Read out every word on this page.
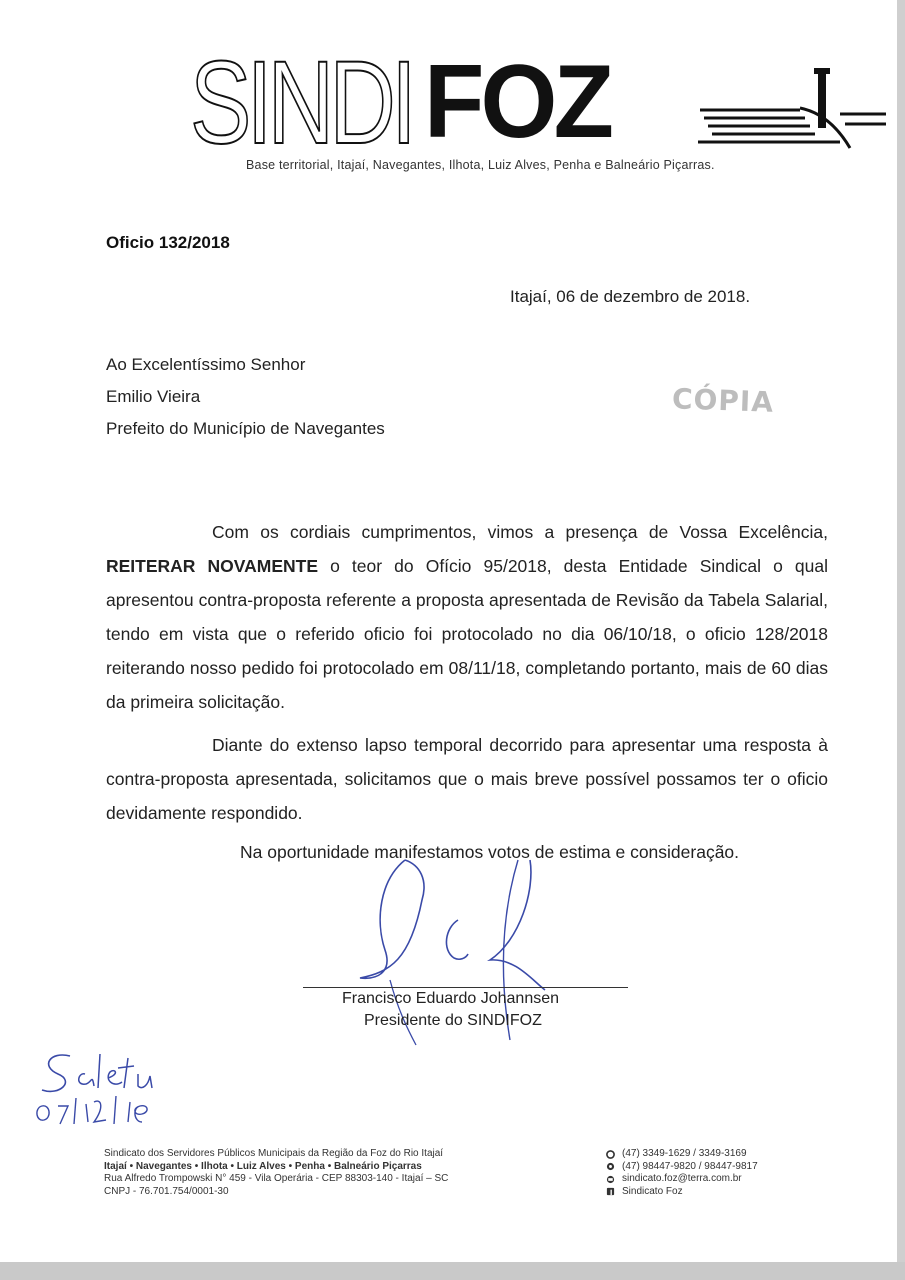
SINDI FOZ
Base territorial, Itajaí, Navegantes, Ilhota, Luiz Alves, Penha e Balneário Piçarras.
Oficio 132/2018
Itajaí, 06 de dezembro de 2018.
Ao Excelentíssimo Senhor
Emilio Vieira
Prefeito do Município de Navegantes
CÓPIA
Com os cordiais cumprimentos, vimos a presença de Vossa Excelência, REITERAR NOVAMENTE o teor do Ofício 95/2018, desta Entidade Sindical o qual apresentou contra-proposta referente a proposta apresentada de Revisão da Tabela Salarial, tendo em vista que o referido oficio foi protocolado no dia 06/10/18, o oficio 128/2018 reiterando nosso pedido foi protocolado em 08/11/18, completando portanto, mais de 60 dias da primeira solicitação.
Diante do extenso lapso temporal decorrido para apresentar uma resposta à contra-proposta apresentada, solicitamos que o mais breve possível possamos ter o oficio devidamente respondido.
Na oportunidade manifestamos votos de estima e consideração.
Francisco Eduardo Johannsen
Presidente do SINDIFOZ
Sindicato dos Servidores Públicos Municipais da Região da Foz do Rio Itajaí
Itajaí • Navegantes • Ilhota • Luiz Alves • Penha • Balneário Piçarras
Rua Alfredo Trompowski N° 459 - Vila Operária - CEP 88303-140 - Itajaí – SC
CNPJ - 76.701.754/0001-30
(47) 3349-1629 / 3349-3169
(47) 98447-9820 / 98447-9817
sindicato.foz@terra.com.br
Sindicato Foz
